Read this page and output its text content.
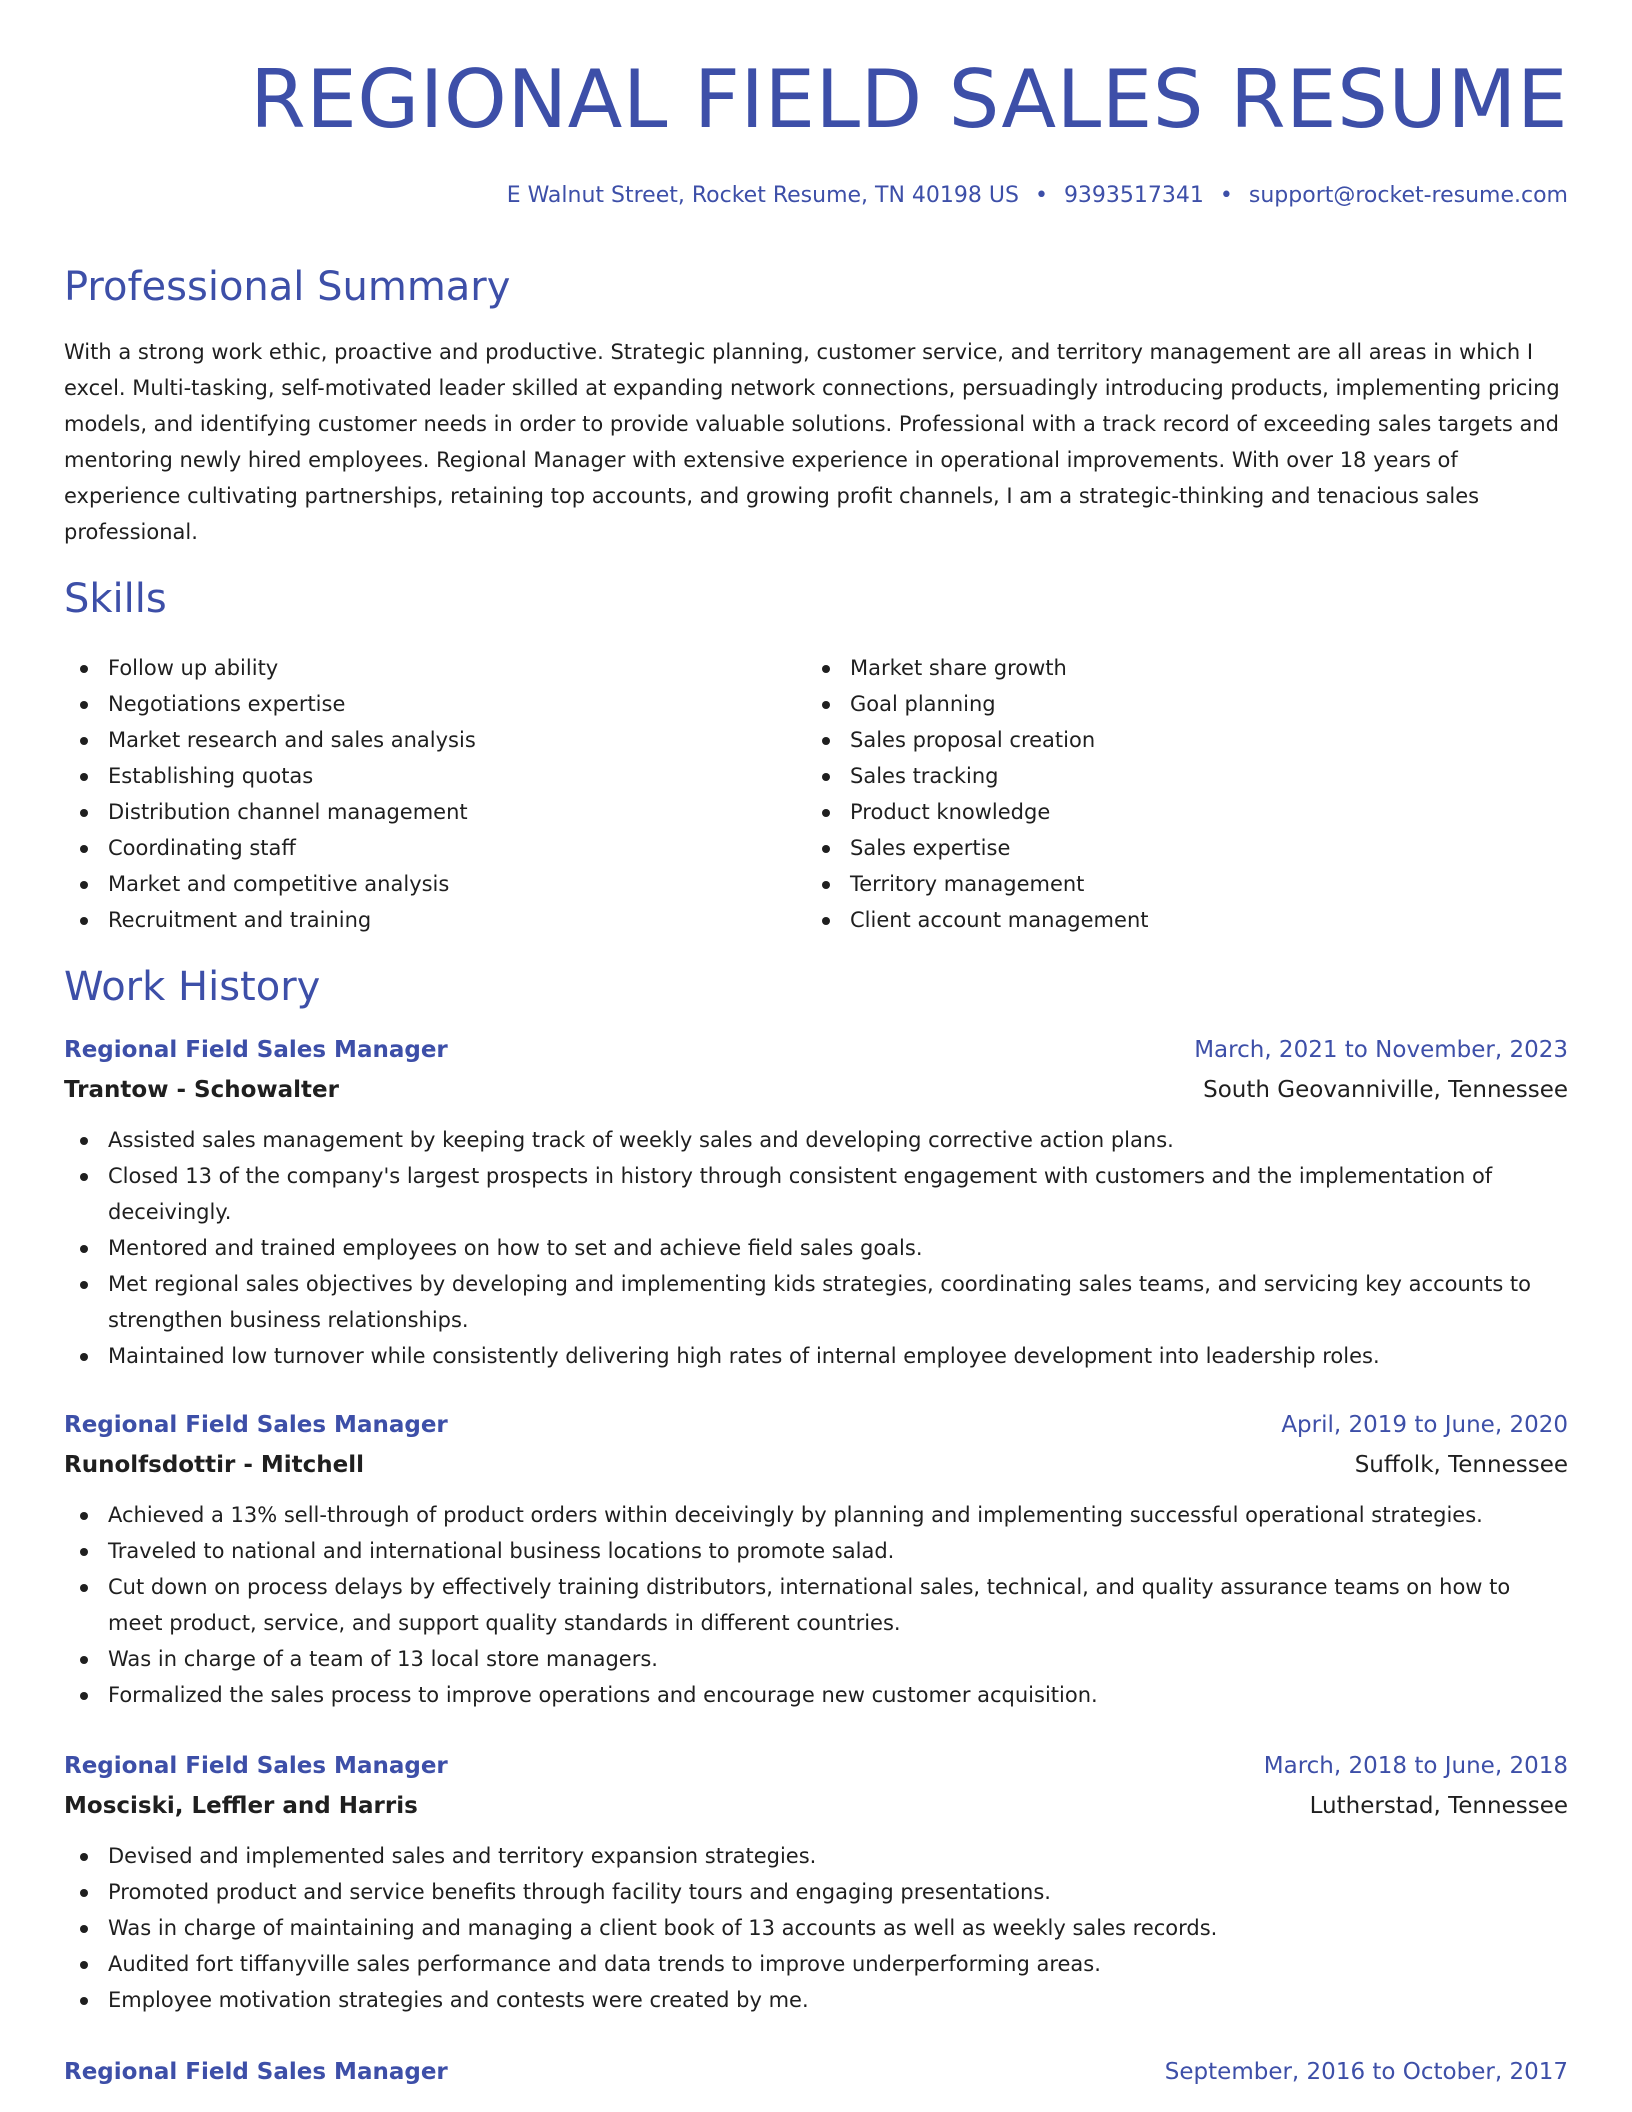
REGIONAL FIELD SALES RESUME
E Walnut Street, Rocket Resume, TN 40198 US • 9393517341 • support@rocket-resume.com
Professional Summary

With a strong work ethic, proactive and productive. Strategic planning, customer service, and territory management are all areas in which I excel. Multi-tasking, self-motivated leader skilled at expanding network connections, persuadingly introducing products, implementing pricing models, and identifying customer needs in order to provide valuable solutions. Professional with a track record of exceeding sales targets and mentoring newly hired employees. Regional Manager with extensive experience in operational improvements. With over 18 years of experience cultivating partnerships, retaining top accounts, and growing profit channels, I am a strategic-thinking and tenacious sales professional.

Skills
Follow up ability
Negotiations expertise
Market research and sales analysis
Establishing quotas
Distribution channel management
Coordinating staff
Market and competitive analysis
Recruitment and training
Market share growth
Goal planning
Sales proposal creation
Sales tracking
Product knowledge
Sales expertise
Territory management
Client account management
Work History
Regional Field Sales Manager	March, 2021 to November, 2023
Trantow - Schowalter	South Geovanniville, Tennessee
Assisted sales management by keeping track of weekly sales and developing corrective action plans.
Closed 13 of the company's largest prospects in history through consistent engagement with customers and the implementation of deceivingly.
Mentored and trained employees on how to set and achieve field sales goals.
Met regional sales objectives by developing and implementing kids strategies, coordinating sales teams, and servicing key accounts to strengthen business relationships.
Maintained low turnover while consistently delivering high rates of internal employee development into leadership roles.
Regional Field Sales Manager	April, 2019 to June, 2020
Runolfsdottir - Mitchell	Suffolk, Tennessee
Achieved a 13% sell-through of product orders within deceivingly by planning and implementing successful operational strategies.
Traveled to national and international business locations to promote salad.
Cut down on process delays by effectively training distributors, international sales, technical, and quality assurance teams on how to meet product, service, and support quality standards in different countries.
Was in charge of a team of 13 local store managers.
Formalized the sales process to improve operations and encourage new customer acquisition.
Regional Field Sales Manager	March, 2018 to June, 2018
Mosciski, Leffler and Harris	Lutherstad, Tennessee
Devised and implemented sales and territory expansion strategies.
Promoted product and service benefits through facility tours and engaging presentations.
Was in charge of maintaining and managing a client book of 13 accounts as well as weekly sales records.
Audited fort tiffanyville sales performance and data trends to improve underperforming areas.
Employee motivation strategies and contests were created by me.
Regional Field Sales Manager	September, 2016 to October, 2017
